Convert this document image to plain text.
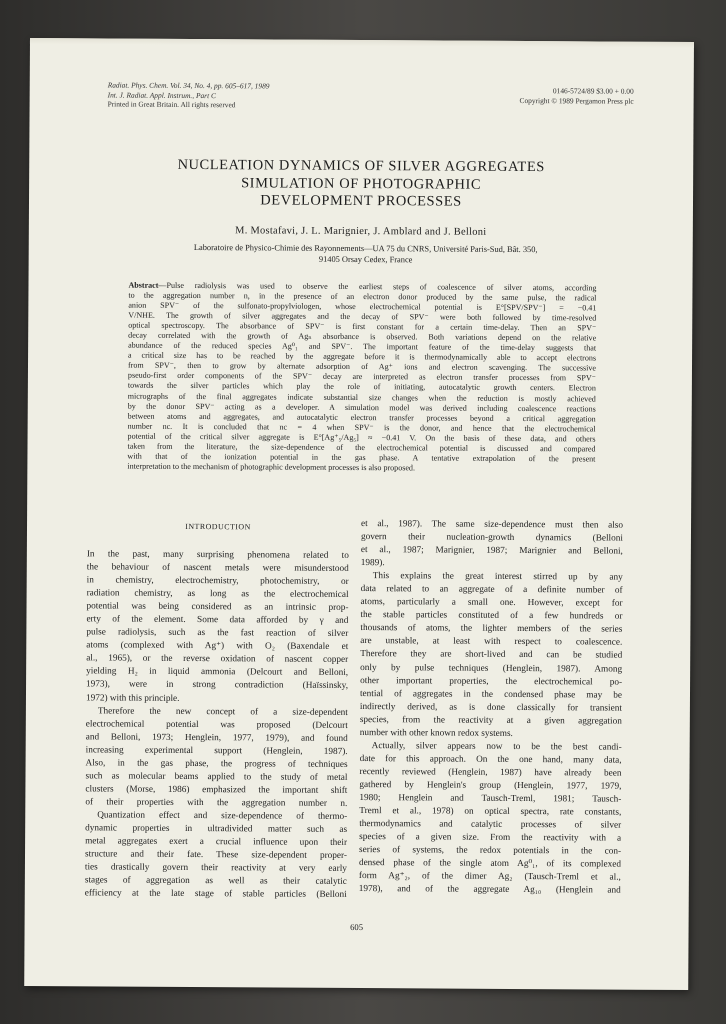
Radiat. Phys. Chem. Vol. 34, No. 4, pp. 605–617, 1989
Int. J. Radiat. Appl. Instrum., Part C
Printed in Great Britain. All rights reserved
0146-5724/89 $3.00 + 0.00
Copyright © 1989 Pergamon Press plc
NUCLEATION DYNAMICS OF SILVER AGGREGATES
SIMULATION OF PHOTOGRAPHIC
DEVELOPMENT PROCESSES
M. Mostafavi, J. L. Marignier, J. Amblard and J. Belloni
Laboratoire de Physico-Chimie des Rayonnements—UA 75 du CNRS, Université Paris-Sud, Bât. 350,
91405 Orsay Cedex, France
Abstract—Pulse radiolysis was used to observe the earliest steps of coalescence of silver atoms, according
to the aggregation number n, in the presence of an electron donor produced by the same pulse, the radical
anion SPV⁻ of the sulfonato-propylviologen, whose electrochemical potential is E°[SPV/SPV⁻] = −0.41
V/NHE. The growth of silver aggregates and the decay of SPV⁻ were both followed by time-resolved
optical spectroscopy. The absorbance of SPV⁻ is first constant for a certain time-delay. Then an SPV⁻
decay correlated with the growth of Agₙ absorbance is observed. Both variations depend on the relative
abundance of the reduced species Ag⁰₁ and SPV⁻. The important feature of the time-delay suggests that
a critical size has to be reached by the aggregate before it is thermodynamically able to accept electrons
from SPV⁻, then to grow by alternate adsorption of Ag⁺ ions and electron scavenging. The successive
pseudo-first order components of the SPV⁻ decay are interpreted as electron transfer processes from SPV⁻
towards the silver particles which play the role of initiating, autocatalytic growth centers. Electron
micrographs of the final aggregates indicate substantial size changes when the reduction is mostly achieved
by the donor SPV⁻ acting as a developer. A simulation model was derived including coalescence reactions
between atoms and aggregates, and autocatalytic electron transfer processes beyond a critical aggregation
number nc. It is concluded that nc = 4 when SPV⁻ is the donor, and hence that the electrochemical
potential of the critical silver aggregate is E°[Ag⁺₅/Ag₅] ≈ −0.41 V. On the basis of these data, and others
taken from the literature, the size-dependence of the electrochemical potential is discussed and compared
with that of the ionization potential in the gas phase. A tentative extrapolation of the present
interpretation to the mechanism of photographic development processes is also proposed.
INTRODUCTION
In the past, many surprising phenomena related to
the behaviour of nascent metals were misunderstood
in chemistry, electrochemistry, photochemistry, or
radiation chemistry, as long as the electrochemical
potential was being considered as an intrinsic prop-
erty of the element. Some data afforded by γ and
pulse radiolysis, such as the fast reaction of silver
atoms (complexed with Ag⁺) with O₂ (Baxendale et
al., 1965), or the reverse oxidation of nascent copper
yielding H₂ in liquid ammonia (Delcourt and Belloni,
1973), were in strong contradiction (Haïssinsky,
1972) with this principle.
Therefore the new concept of a size-dependent
electrochemical potential was proposed (Delcourt
and Belloni, 1973; Henglein, 1977, 1979), and found
increasing experimental support (Henglein, 1987).
Also, in the gas phase, the progress of techniques
such as molecular beams applied to the study of metal
clusters (Morse, 1986) emphasized the important shift
of their properties with the aggregation number n.
Quantization effect and size-dependence of thermo-
dynamic properties in ultradivided matter such as
metal aggregates exert a crucial influence upon their
structure and their fate. These size-dependent proper-
ties drastically govern their reactivity at very early
stages of aggregation as well as their catalytic
efficiency at the late stage of stable particles (Belloni
et al., 1987). The same size-dependence must then also
govern their nucleation-growth dynamics (Belloni
et al., 1987; Marignier, 1987; Marignier and Belloni,
1989).
This explains the great interest stirred up by any
data related to an aggregate of a definite number of
atoms, particularly a small one. However, except for
the stable particles constituted of a few hundreds or
thousands of atoms, the lighter members of the series
are unstable, at least with respect to coalescence.
Therefore they are short-lived and can be studied
only by pulse techniques (Henglein, 1987). Among
other important properties, the electrochemical po-
tential of aggregates in the condensed phase may be
indirectly derived, as is done classically for transient
species, from the reactivity at a given aggregation
number with other known redox systems.
Actually, silver appears now to be the best candi-
date for this approach. On the one hand, many data,
recently reviewed (Henglein, 1987) have already been
gathered by Henglein's group (Henglein, 1977, 1979,
1980; Henglein and Tausch-Treml, 1981; Tausch-
Treml et al., 1978) on optical spectra, rate constants,
thermodynamics and catalytic processes of silver
species of a given size. From the reactivity with a
series of systems, the redox potentials in the con-
densed phase of the single atom Ag⁰₁, of its complexed
form Ag⁺₂, of the dimer Ag₂ (Tausch-Treml et al.,
1978), and of the aggregate Ag₁₀ (Henglein and
605
